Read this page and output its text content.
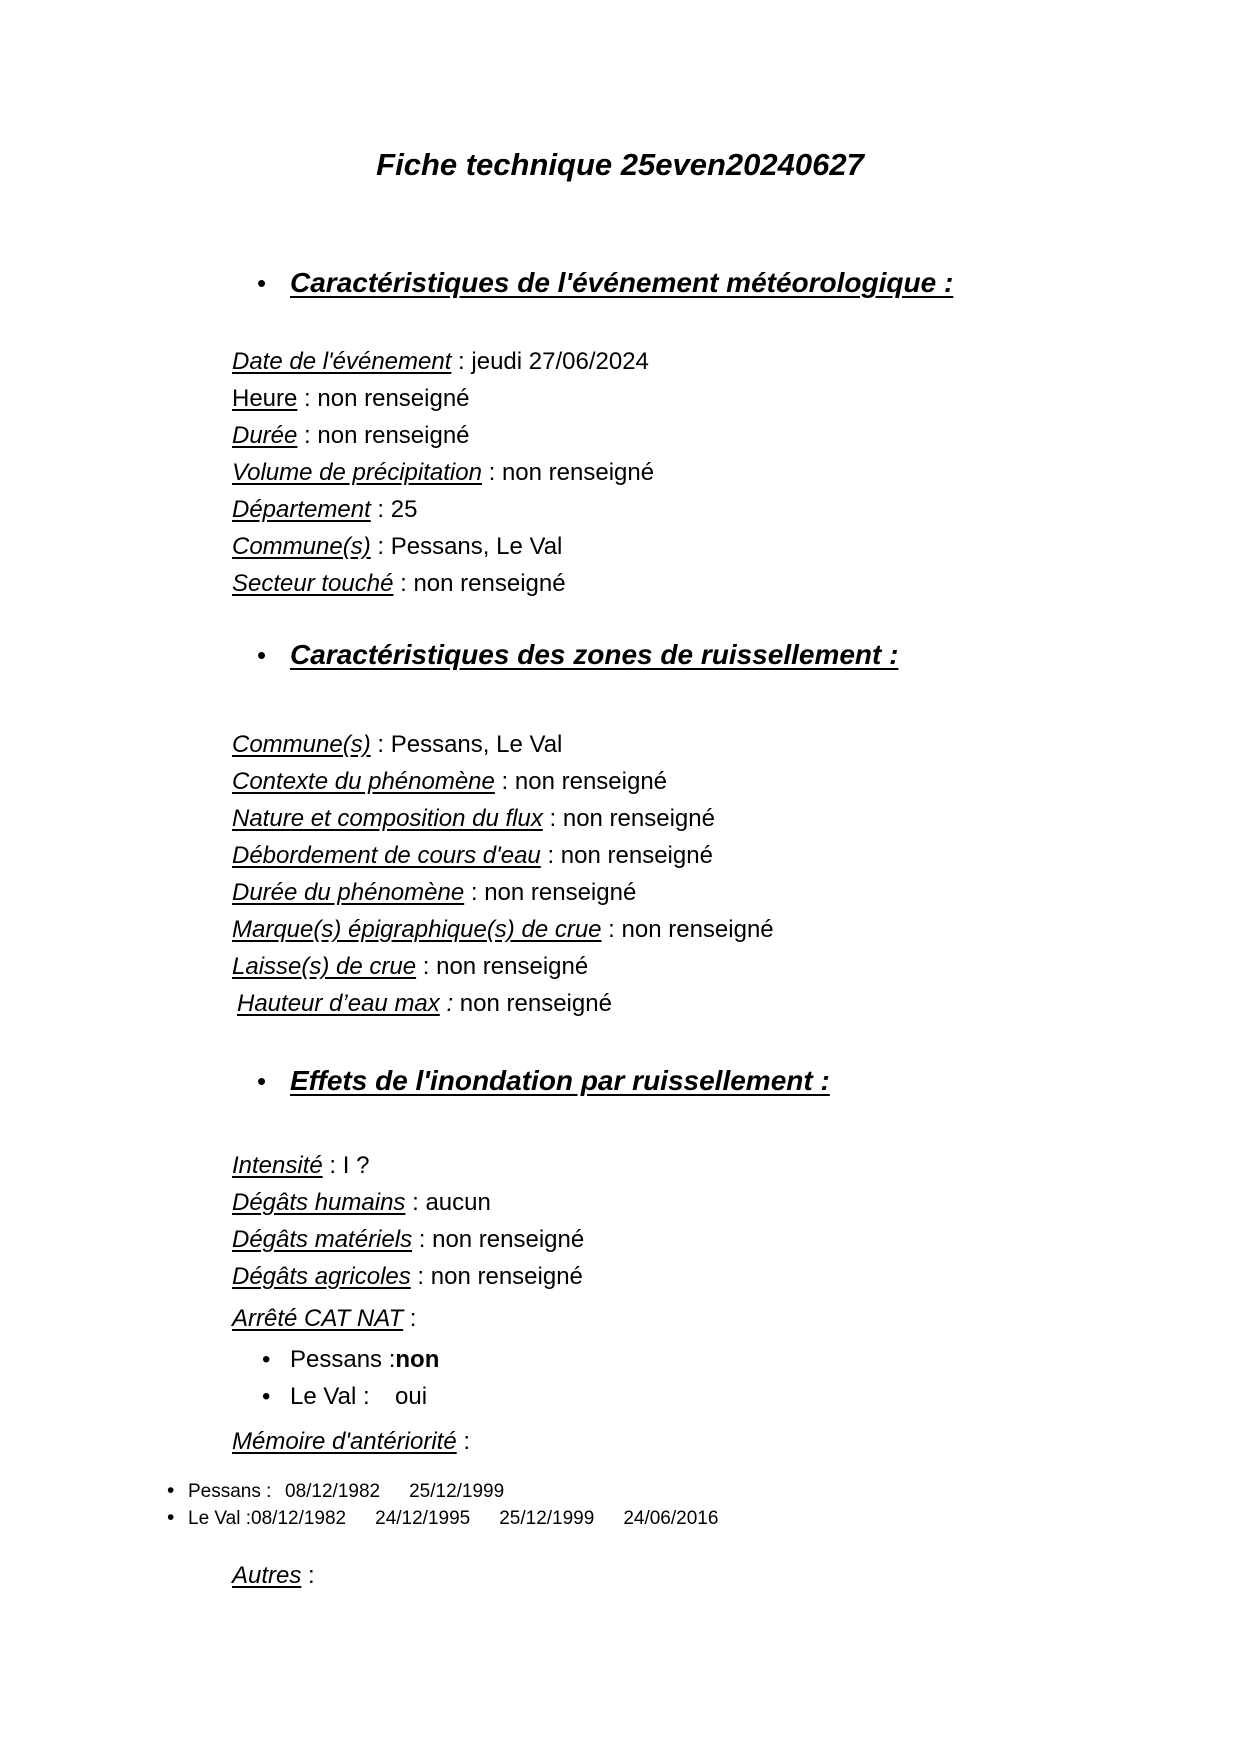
Fiche technique 25even20240627
• Caractéristiques de l'événement météorologique :
Date de l'événement : jeudi 27/06/2024
Heure : non renseigné
Durée : non renseigné
Volume de précipitation : non renseigné
Département : 25
Commune(s) : Pessans, Le Val
Secteur touché : non renseigné
• Caractéristiques des zones de ruissellement :
Commune(s) : Pessans, Le Val
Contexte du phénomène : non renseigné
Nature et composition du flux : non renseigné
Débordement de cours d'eau : non renseigné
Durée du phénomène : non renseigné
Marque(s) épigraphique(s) de crue : non renseigné
Laisse(s) de crue : non renseigné
Hauteur d’eau max : non renseigné
• Effets de l'inondation par ruissellement :
Intensité : I ?
Dégâts humains : aucun
Dégâts matériels : non renseigné
Dégâts agricoles : non renseigné
Arrêté CAT NAT :
• Pessans :non
• Le Val : oui
Mémoire d'antériorité :
• Pessans : 08/12/1982 25/12/1999
• Le Val :08/12/1982 24/12/1995 25/12/1999 24/06/2016
Autres :
